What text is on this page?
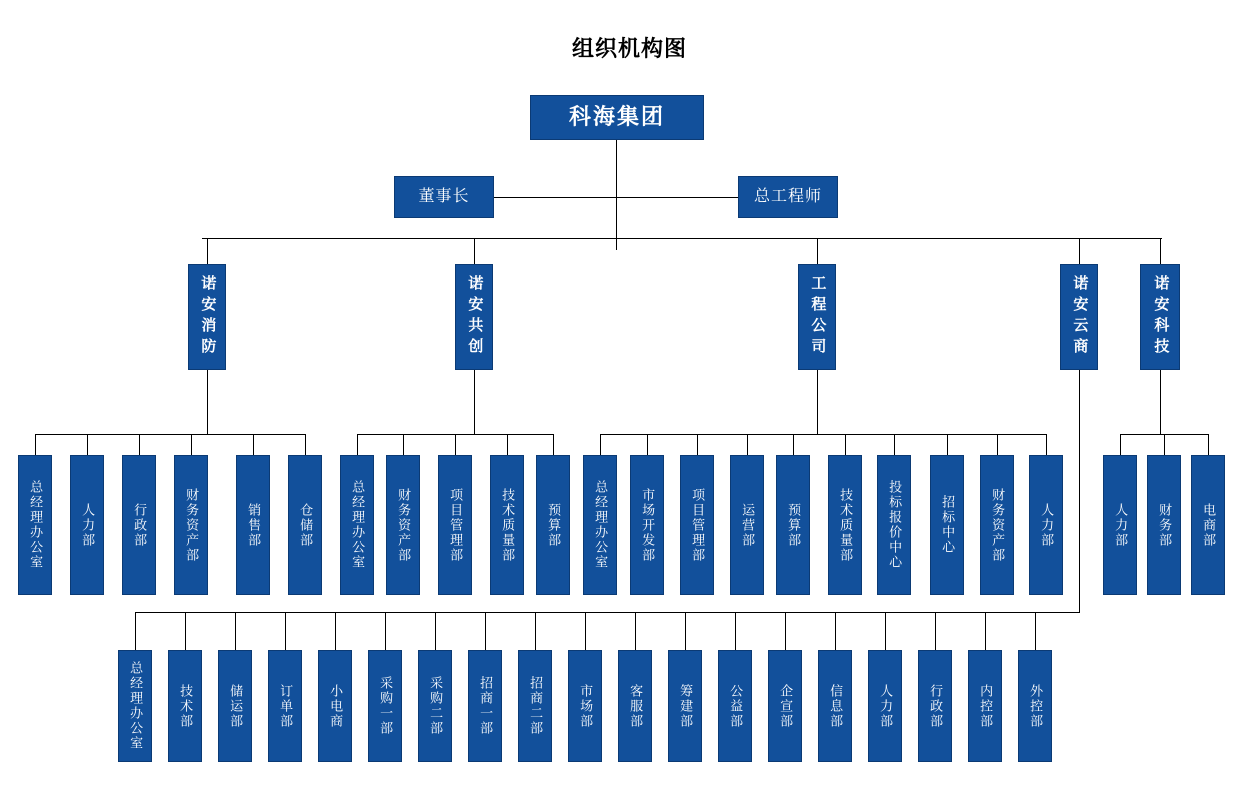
组织机构图
科海集团
董事长	总工程师
诺安消防	诺安共创	工程公司	诺安云商	诺安科技
总经理办公室	人力部	行政部	财务资产部	销售部	仓储部	总经理办公室 财务资产部	项目管理部	技术质量部 预算部 总经理办公室 市场开发部	项目管理部	运营部 预算部	技术质量部	投标报价中心	招标中心	财务资产部	人力部	人力部 财务部 电商部
总经理办公室	技术部	储运部	订单部	小电商	采购一部	采购二部	招商一部	招商二部	市场部	客服部	筹建部	公益部	企宣部	信息部	人力部	行政部	内控部	外控部
